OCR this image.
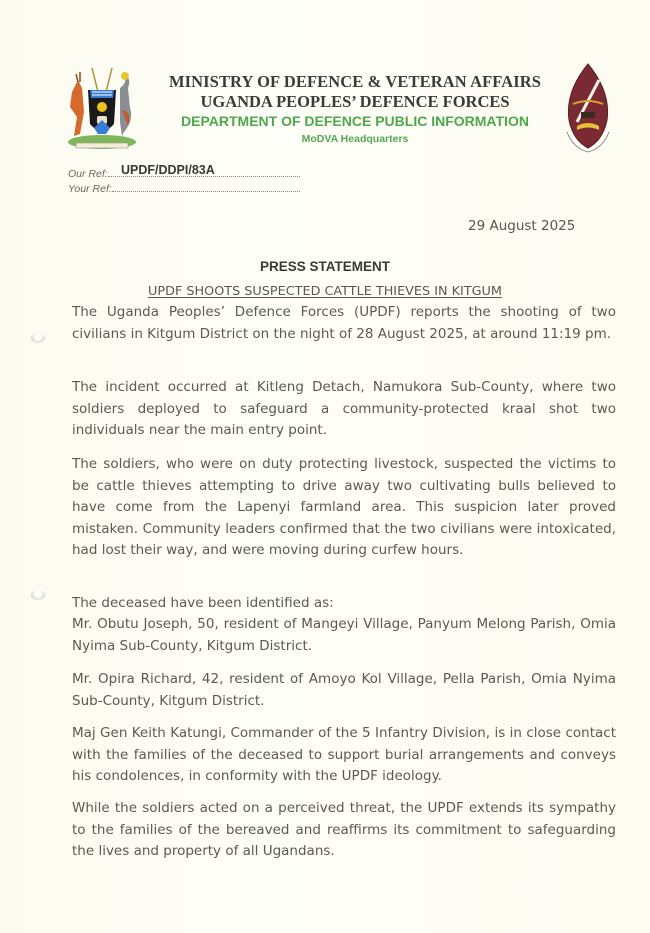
MINISTRY OF DEFENCE & VETERAN AFFAIRS
UGANDA PEOPLES’ DEFENCE FORCES
DEPARTMENT OF DEFENCE PUBLIC INFORMATION
MoDVA Headquarters
Our Ref:	UPDF/DDPI/83A
Your Ref:
29 August 2025
PRESS STATEMENT
UPDF SHOOTS SUSPECTED CATTLE THIEVES IN KITGUM
The Uganda Peoples’ Defence Forces (UPDF) reports the shooting of two civilians in Kitgum District on the night of 28 August 2025, at around 11:19 pm.
The incident occurred at Kitleng Detach, Namukora Sub-County, where two soldiers deployed to safeguard a community-protected kraal shot two individuals near the main entry point.
The soldiers, who were on duty protecting livestock, suspected the victims to be cattle thieves attempting to drive away two cultivating bulls believed to have come from the Lapenyi farmland area. This suspicion later proved mistaken. Community leaders confirmed that the two civilians were intoxicated, had lost their way, and were moving during curfew hours.
The deceased have been identified as:
Mr. Obutu Joseph, 50, resident of Mangeyi Village, Panyum Melong Parish, Omia Nyima Sub-County, Kitgum District.
Mr. Opira Richard, 42, resident of Amoyo Kol Village, Pella Parish, Omia Nyima Sub-County, Kitgum District.
Maj Gen Keith Katungi, Commander of the 5 Infantry Division, is in close contact with the families of the deceased to support burial arrangements and conveys his condolences, in conformity with the UPDF ideology.
While the soldiers acted on a perceived threat, the UPDF extends its sympathy to the families of the bereaved and reaffirms its commitment to safeguarding the lives and property of all Ugandans.
